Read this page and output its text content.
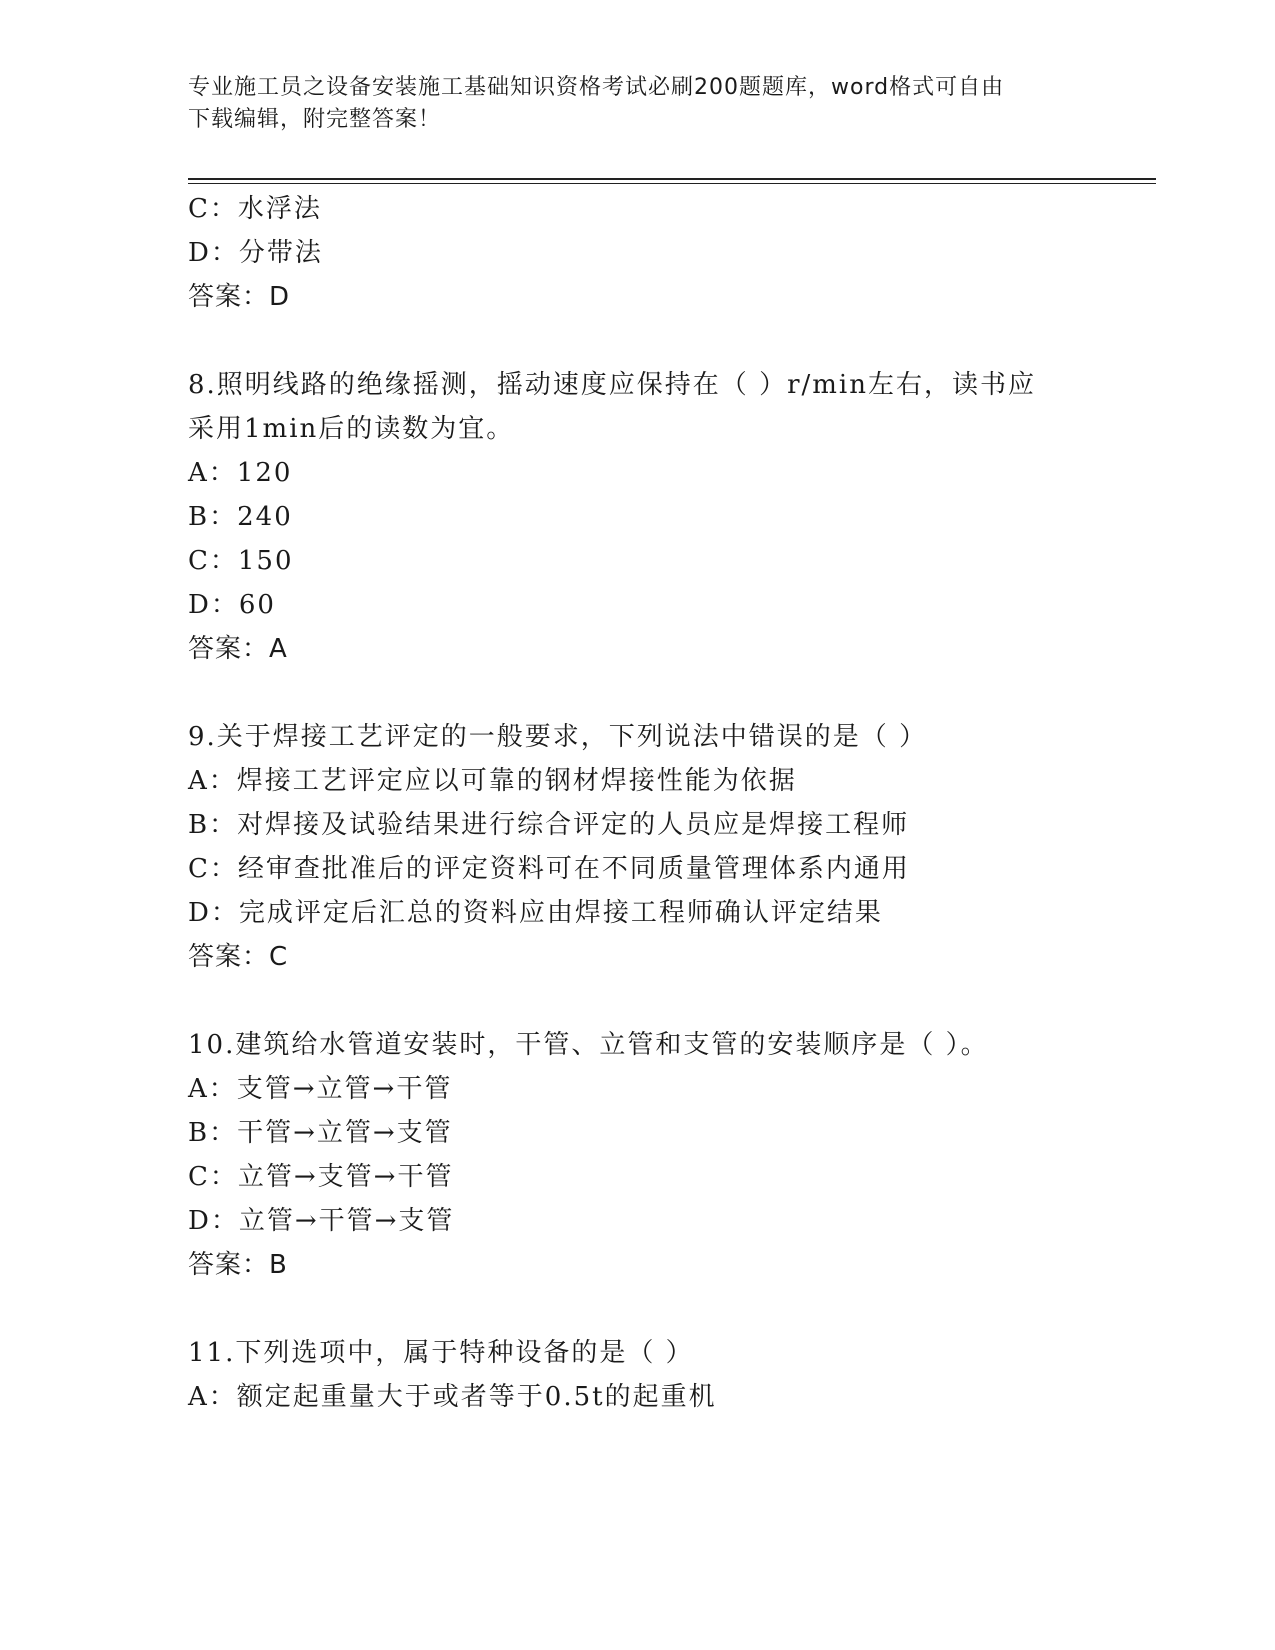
专业施工员之设备安装施工基础知识资格考试必刷200题题库，word格式可自由
下载编辑，附完整答案！
C：水浮法
D：分带法
答案：D
8.照明线路的绝缘摇测，摇动速度应保持在（ ）r/min左右，读书应
采用1min后的读数为宜。
A：120
B：240
C：150
D：60
答案：A
9.关于焊接工艺评定的一般要求，下列说法中错误的是（ ）
A：焊接工艺评定应以可靠的钢材焊接性能为依据
B：对焊接及试验结果进行综合评定的人员应是焊接工程师
C：经审查批准后的评定资料可在不同质量管理体系内通用
D：完成评定后汇总的资料应由焊接工程师确认评定结果
答案：C
10.建筑给水管道安装时，干管、立管和支管的安装顺序是（ ）。
A：支管→立管→干管
B：干管→立管→支管
C：立管→支管→干管
D：立管→干管→支管
答案：B
11.下列选项中，属于特种设备的是（ ）
A：额定起重量大于或者等于0.5t的起重机
